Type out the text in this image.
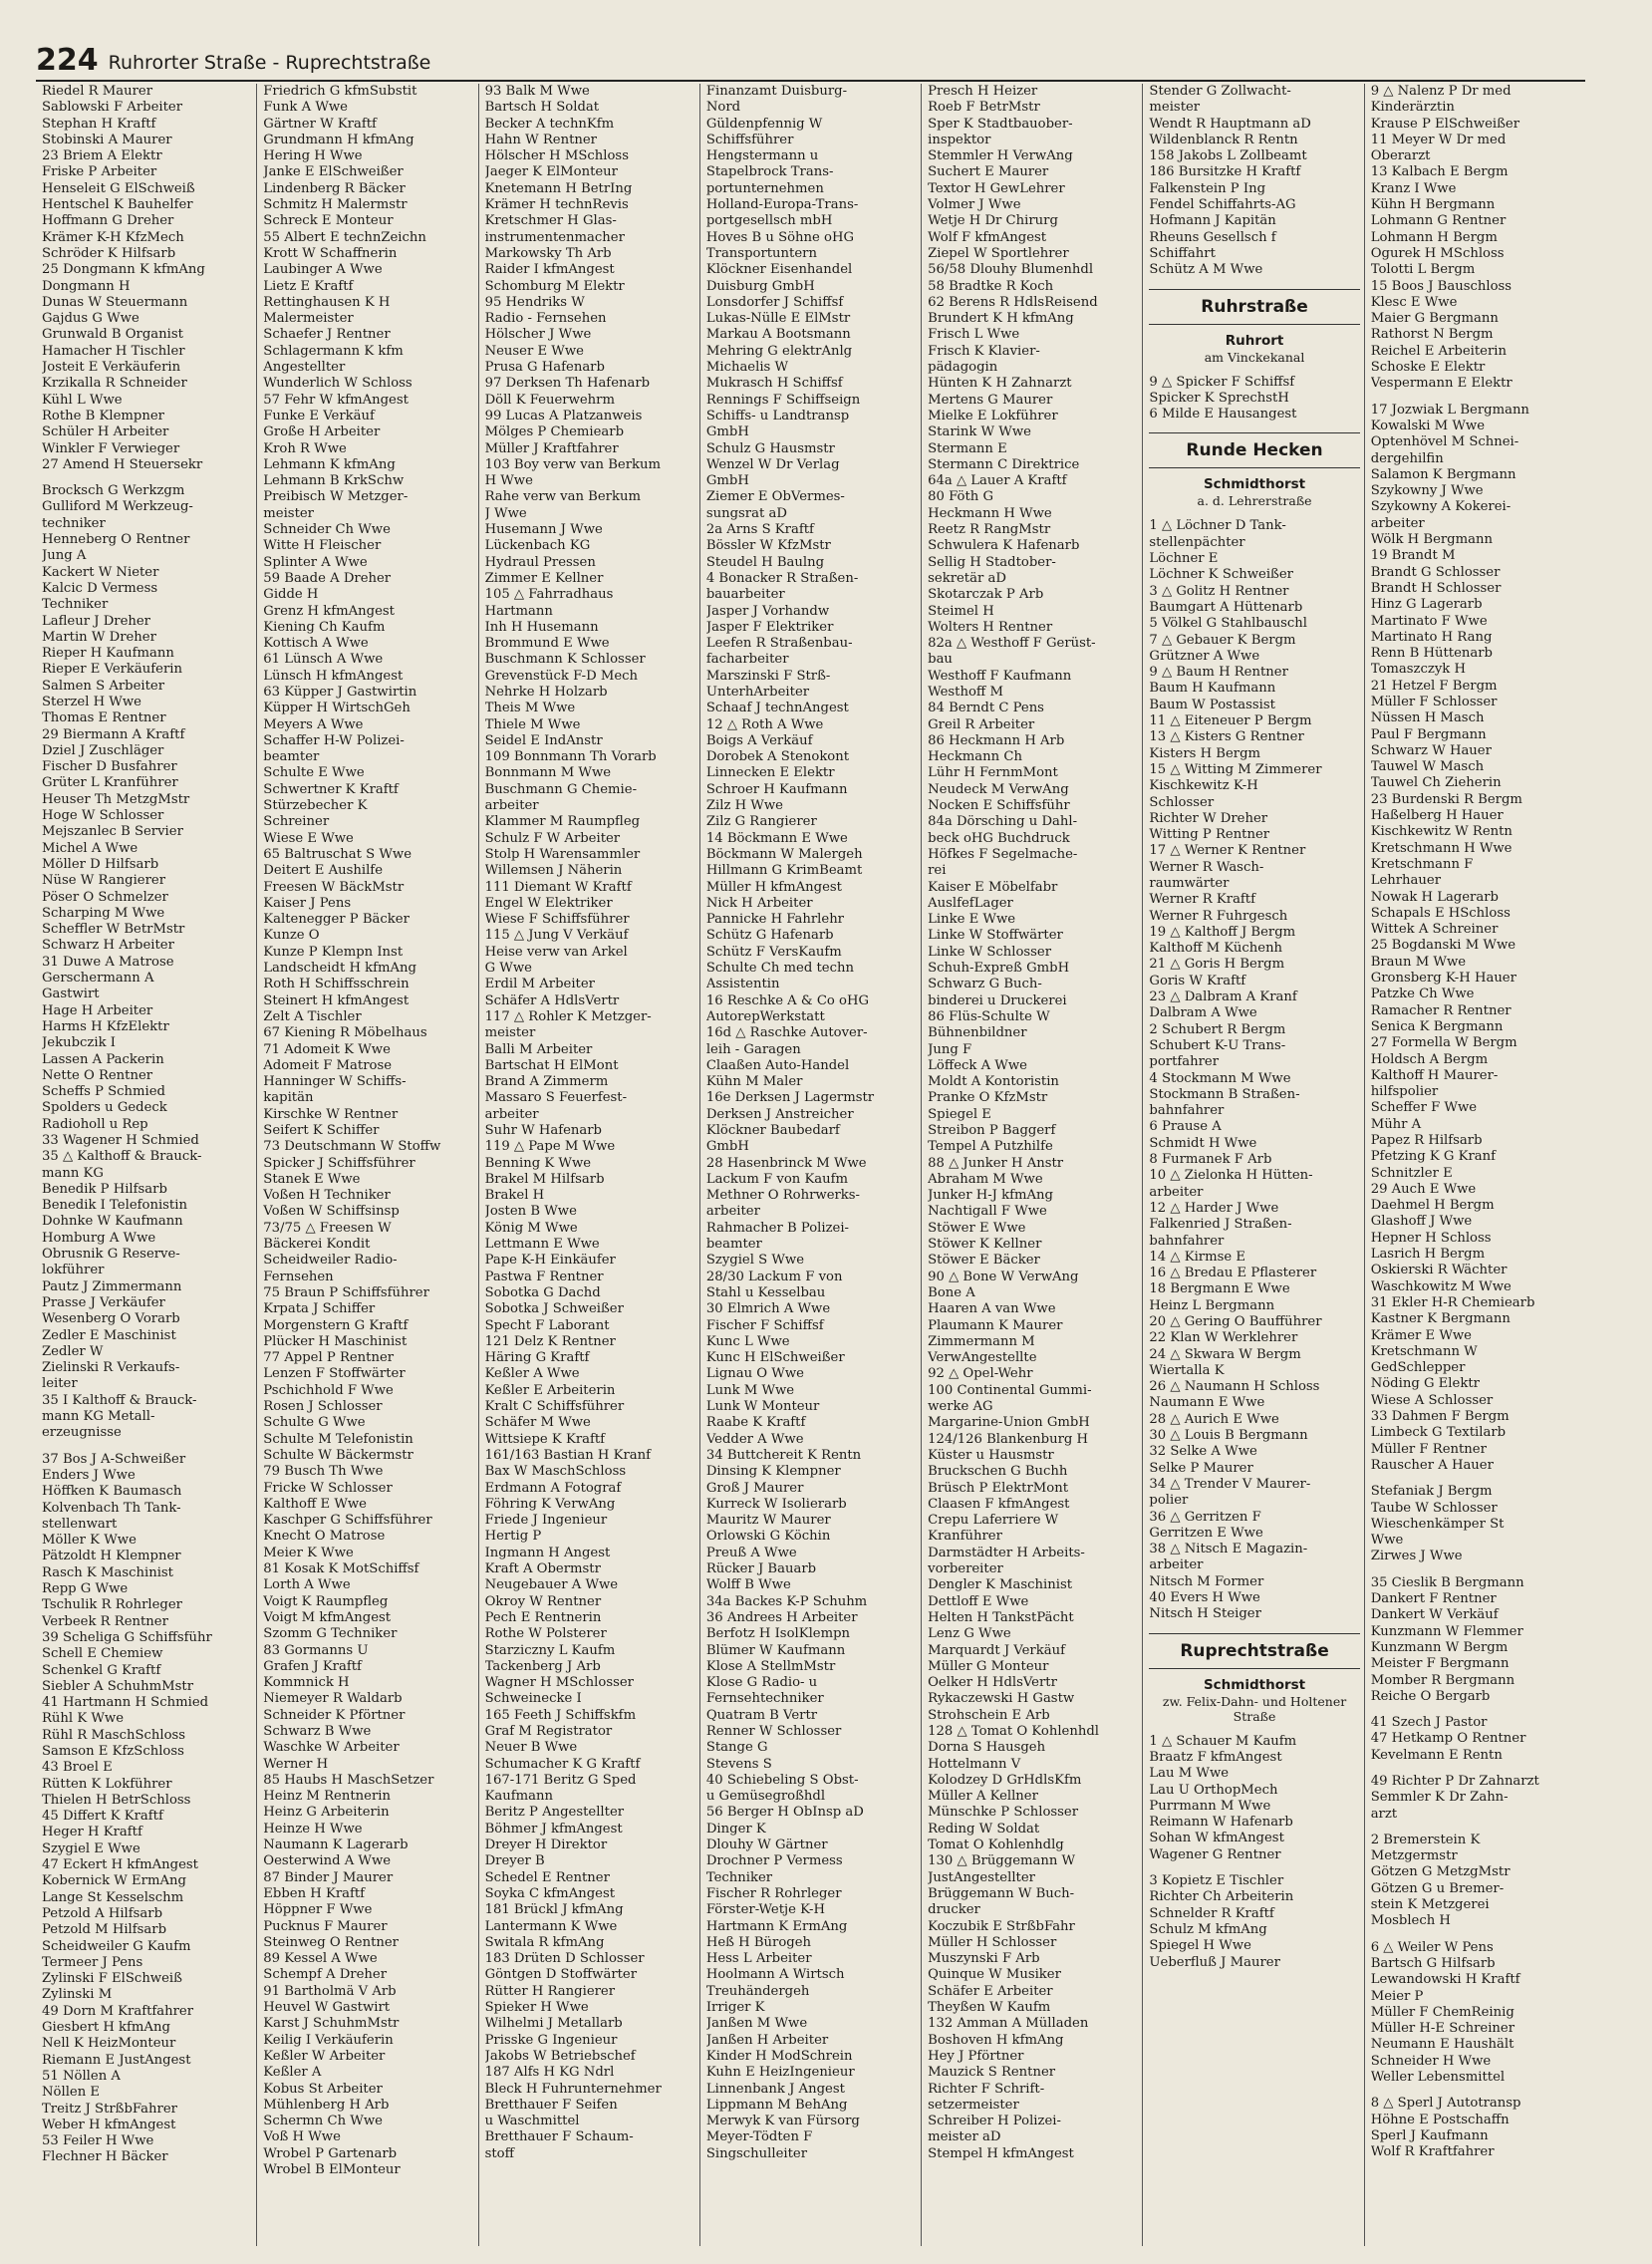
224 Ruhrorter Straße - Ruprechtstraße
Riedel R Maurer
Sablowski F Arbeiter
Stephan H Kraftf
Stobinski A Maurer
23 Briem A Elektr
Friske P Arbeiter
Henseleit G ElSchweiß
Hentschel K Bauhelfer
Hoffmann G Dreher
Krämer K-H KfzMech
Schröder K Hilfsarb
25 Dongmann K kfmAng
Dongmann H
Dunas W Steuermann
Gajdus G Wwe
Grunwald B Organist
Hamacher H Tischler
Josteit E Verkäuferin
Krzikalla R Schneider
Kühl L Wwe
Rothe B Klempner
Schüler H Arbeiter
Winkler F Verwieger
27 Amend H Steuersekr
Brocksch G Werkzgm
Gulliford M Werkzeug-
techniker
Henneberg O Rentner
Jung A
Kackert W Nieter
Kalcic D Vermess
Techniker
Lafleur J Dreher
Martin W Dreher
Rieper H Kaufmann
Rieper E Verkäuferin
Salmen S Arbeiter
Sterzel H Wwe
Thomas E Rentner
29 Biermann A Kraftf
Dziel J Zuschläger
Fischer D Busfahrer
Grüter L Kranführer
Heuser Th MetzgMstr
Hoge W Schlosser
Mejszanlec B Servier
Michel A Wwe
Möller D Hilfsarb
Nüse W Rangierer
Pöser O Schmelzer
Scharping M Wwe
Scheffler W BetrMstr
Schwarz H Arbeiter
31 Duwe A Matrose
Gerschermann A
Gastwirt
Hage H Arbeiter
Harms H KfzElektr
Jekubczik I
Lassen A Packerin
Nette O Rentner
Scheffs P Schmied
Spolders u Gedeck
Radioholl u Rep
33 Wagener H Schmied
35 △ Kalthoff & Brauck-
mann KG
Benedik P Hilfsarb
Benedik I Telefonistin
Dohnke W Kaufmann
Homburg A Wwe
Obrusnik G Reserve-
lokführer
Pautz J Zimmermann
Prasse J Verkäufer
Wesenberg O Vorarb
Zedler E Maschinist
Zedler W
Zielinski R Verkaufs-
leiter
35 I Kalthoff & Brauck-
mann KG Metall-
erzeugnisse
37 Bos J A-Schweißer
Enders J Wwe
Höffken K Baumasch
Kolvenbach Th Tank-
stellenwart
Möller K Wwe
Pätzoldt H Klempner
Rasch K Maschinist
Repp G Wwe
Tschulik R Rohrleger
Verbeek R Rentner
39 Scheliga G Schiffsführ
Schell E Chemiew
Schenkel G Kraftf
Siebler A SchuhmMstr
41 Hartmann H Schmied
Rühl K Wwe
Rühl R MaschSchloss
Samson E KfzSchloss
43 Broel E
Rütten K Lokführer
Thielen H BetrSchloss
45 Differt K Kraftf
Heger H Kraftf
Szygiel E Wwe
47 Eckert H kfmAngest
Kobernick W ErmAng
Lange St Kesselschm
Petzold A Hilfsarb
Petzold M Hilfsarb
Scheidweiler G Kaufm
Termeer J Pens
Zylinski F ElSchweiß
Zylinski M
49 Dorn M Kraftfahrer
Giesbert H kfmAng
Nell K HeizMonteur
Riemann E JustAngest
51 Nöllen A
Nöllen E
Treitz J StrßbFahrer
Weber H kfmAngest
53 Feiler H Wwe
Flechner H Bäcker
Friedrich G kfmSubstit
Funk A Wwe
Gärtner W Kraftf
Grundmann H kfmAng
Hering H Wwe
Janke E ElSchweißer
Lindenberg R Bäcker
Schmitz H Malermstr
Schreck E Monteur
55 Albert E technZeichn
Krott W Schaffnerin
Laubinger A Wwe
Lietz E Kraftf
Rettinghausen K H
Malermeister
Schaefer J Rentner
Schlagermann K kfm
Angestellter
Wunderlich W Schloss
57 Fehr W kfmAngest
Funke E Verkäuf
Große H Arbeiter
Kroh R Wwe
Lehmann K kfmAng
Lehmann B KrkSchw
Preibisch W Metzger-
meister
Schneider Ch Wwe
Witte H Fleischer
Splinter A Wwe
59 Baade A Dreher
Gidde H
Grenz H kfmAngest
Kiening Ch Kaufm
Kottisch A Wwe
61 Lünsch A Wwe
Lünsch H kfmAngest
63 Küpper J Gastwirtin
Küpper H WirtschGeh
Meyers A Wwe
Schaffer H-W Polizei-
beamter
Schulte E Wwe
Schwertner K Kraftf
Stürzebecher K
Schreiner
Wiese E Wwe
65 Baltruschat S Wwe
Deitert E Aushilfe
Freesen W BäckMstr
Kaiser J Pens
Kaltenegger P Bäcker
Kunze O
Kunze P Klempn Inst
Landscheidt H kfmAng
Roth H Schiffsschrein
Steinert H kfmAngest
Zelt A Tischler
67 Kiening R Möbelhaus
71 Adomeit K Wwe
Adomeit F Matrose
Hanninger W Schiffs-
kapitän
Kirschke W Rentner
Seifert K Schiffer
73 Deutschmann W Stoffw
Spicker J Schiffsführer
Stanek E Wwe
Voßen H Techniker
Voßen W Schiffsinsp
73/75 △ Freesen W
Bäckerei Kondit
Scheidweiler Radio-
Fernsehen
75 Braun P Schiffsführer
Krpata J Schiffer
Morgenstern G Kraftf
Plücker H Maschinist
77 Appel P Rentner
Lenzen F Stoffwärter
Pschichhold F Wwe
Rosen J Schlosser
Schulte G Wwe
Schulte M Telefonistin
Schulte W Bäckermstr
79 Busch Th Wwe
Fricke W Schlosser
Kalthoff E Wwe
Kaschper G Schiffsführer
Knecht O Matrose
Meier K Wwe
81 Kosak K MotSchiffsf
Lorth A Wwe
Voigt K Raumpfleg
Voigt M kfmAngest
Szomm G Techniker
83 Gormanns U
Grafen J Kraftf
Kommnick H
Niemeyer R Waldarb
Schneider K Pförtner
Schwarz B Wwe
Waschke W Arbeiter
Werner H
85 Haubs H MaschSetzer
Heinz M Rentnerin
Heinz G Arbeiterin
Heinze H Wwe
Naumann K Lagerarb
Oesterwind A Wwe
87 Binder J Maurer
Ebben H Kraftf
Höppner F Wwe
Pucknus F Maurer
Steinweg O Rentner
89 Kessel A Wwe
Schempf A Dreher
91 Bartholmä V Arb
Heuvel W Gastwirt
Karst J SchuhmMstr
Keilig I Verkäuferin
Keßler W Arbeiter
Keßler A
Kobus St Arbeiter
Mühlenberg H Arb
Schermn Ch Wwe
Voß H Wwe
Wrobel P Gartenarb
Wrobel B ElMonteur
93 Balk M Wwe
Bartsch H Soldat
Becker A technKfm
Hahn W Rentner
Hölscher H MSchloss
Jaeger K ElMonteur
Knetemann H BetrIng
Krämer H technRevis
Kretschmer H Glas-
instrumentenmacher
Markowsky Th Arb
Raider I kfmAngest
Schomburg M Elektr
95 Hendriks W
Radio - Fernsehen
Hölscher J Wwe
Neuser E Wwe
Prusa G Hafenarb
97 Derksen Th Hafenarb
Döll K Feuerwehrm
99 Lucas A Platzanweis
Mölges P Chemiearb
Müller J Kraftfahrer
103 Boy verw van Berkum
H Wwe
Rahe verw van Berkum
J Wwe
Husemann J Wwe
Lückenbach KG
Hydraul Pressen
Zimmer E Kellner
105 △ Fahrradhaus
Hartmann
Inh H Husemann
Brommund E Wwe
Buschmann K Schlosser
Grevenstück F-D Mech
Nehrke H Holzarb
Theis M Wwe
Thiele M Wwe
Seidel E IndAnstr
109 Bonnmann Th Vorarb
Bonnmann M Wwe
Buschmann G Chemie-
arbeiter
Klammer M Raumpfleg
Schulz F W Arbeiter
Stolp H Warensammler
Willemsen J Näherin
111 Diemant W Kraftf
Engel W Elektriker
Wiese F Schiffsführer
115 △ Jung V Verkäuf
Heise verw van Arkel
G Wwe
Erdil M Arbeiter
Schäfer A HdlsVertr
117 △ Rohler K Metzger-
meister
Balli M Arbeiter
Bartschat H ElMont
Brand A Zimmerm
Massaro S Feuerfest-
arbeiter
Suhr W Hafenarb
119 △ Pape M Wwe
Benning K Wwe
Brakel M Hilfsarb
Brakel H
Josten B Wwe
König M Wwe
Lettmann E Wwe
Pape K-H Einkäufer
Pastwa F Rentner
Sobotka G Dachd
Sobotka J Schweißer
Specht F Laborant
121 Delz K Rentner
Häring G Kraftf
Keßler A Wwe
Keßler E Arbeiterin
Kralt C Schiffsführer
Schäfer M Wwe
Wittsiepe K Kraftf
161/163 Bastian H Kranf
Bax W MaschSchloss
Erdmann A Fotograf
Föhring K VerwAng
Friede J Ingenieur
Hertig P
Ingmann H Angest
Kraft A Obermstr
Neugebauer A Wwe
Okroy W Rentner
Pech E Rentnerin
Rothe W Polsterer
Starziczny L Kaufm
Tackenberg J Arb
Wagner H MSchlosser
Schweinecke I
165 Feeth J Schiffskfm
Graf M Registrator
Neuer B Wwe
Schumacher K G Kraftf
167-171 Beritz G Sped
Kaufmann
Beritz P Angestellter
Böhmer J kfmAngest
Dreyer H Direktor
Dreyer B
Schedel E Rentner
Soyka C kfmAngest
181 Brückl J kfmAng
Lantermann K Wwe
Switala R kfmAng
183 Drüten D Schlosser
Göntgen D Stoffwärter
Rütter H Rangierer
Spieker H Wwe
Wilhelmi J Metallarb
Prisske G Ingenieur
Jakobs W Betriebschef
187 Alfs H KG Ndrl
Bleck H Fuhrunternehmer
Bretthauer F Seifen
u Waschmittel
Bretthauer F Schaum-
stoff
Finanzamt Duisburg-
Nord
Güldenpfennig W
Schiffsführer
Hengstermann u
Stapelbrock Trans-
portunternehmen
Holland-Europa-Trans-
portgesellsch mbH
Hoves B u Söhne oHG
Transportuntern
Klöckner Eisenhandel
Duisburg GmbH
Lonsdorfer J Schiffsf
Lukas-Nülle E ElMstr
Markau A Bootsmann
Mehring G elektrAnlg
Michaelis W
Mukrasch H Schiffsf
Rennings F Schiffseign
Schiffs- u Landtransp
GmbH
Schulz G Hausmstr
Wenzel W Dr Verlag
GmbH
Ziemer E ObVermes-
sungsrat aD
2a Arns S Kraftf
Bössler W KfzMstr
Steudel H Baulng
4 Bonacker R Straßen-
bauarbeiter
Jasper J Vorhandw
Jasper F Elektriker
Leefen R Straßenbau-
facharbeiter
Marszinski F Strß-
UnterhArbeiter
Schaaf J technAngest
12 △ Roth A Wwe
Boigs A Verkäuf
Dorobek A Stenokont
Linnecken E Elektr
Schroer H Kaufmann
Zilz H Wwe
Zilz G Rangierer
14 Böckmann E Wwe
Böckmann W Malergeh
Hillmann G KrimBeamt
Müller H kfmAngest
Nick H Arbeiter
Pannicke H Fahrlehr
Schütz G Hafenarb
Schütz F VersKaufm
Schulte Ch med techn
Assistentin
16 Reschke A & Co oHG
AutorepWerkstatt
16d △ Raschke Autover-
leih - Garagen
Claaßen Auto-Handel
Kühn M Maler
16e Derksen J Lagermstr
Derksen J Anstreicher
Klöckner Baubedarf
GmbH
28 Hasenbrinck M Wwe
Lackum F von Kaufm
Methner O Rohrwerks-
arbeiter
Rahmacher B Polizei-
beamter
Szygiel S Wwe
28/30 Lackum F von
Stahl u Kesselbau
30 Elmrich A Wwe
Fischer F Schiffsf
Kunc L Wwe
Kunc H ElSchweißer
Lignau O Wwe
Lunk M Wwe
Lunk W Monteur
Raabe K Kraftf
Vedder A Wwe
34 Buttchereit K Rentn
Dinsing K Klempner
Groß J Maurer
Kurreck W Isolierarb
Mauritz W Maurer
Orlowski G Köchin
Preuß A Wwe
Rücker J Bauarb
Wolff B Wwe
34a Backes K-P Schuhm
36 Andrees H Arbeiter
Berfotz H IsolKlempn
Blümer W Kaufmann
Klose A StellmMstr
Klose G Radio- u
Fernsehtechniker
Quatram B Vertr
Renner W Schlosser
Stange G
Stevens S
40 Schiebeling S Obst-
u Gemüsegroßhdl
56 Berger H ObInsp aD
Dinger K
Dlouhy W Gärtner
Drochner P Vermess
Techniker
Fischer R Rohrleger
Förster-Wetje K-H
Hartmann K ErmAng
Heß H Bürogeh
Hess L Arbeiter
Hoolmann A Wirtsch
Treuhändergeh
Irriger K
Janßen M Wwe
Janßen H Arbeiter
Kinder H ModSchrein
Kuhn E HeizIngenieur
Linnenbank J Angest
Lippmann M BehAng
Merwyk K van Fürsorg
Meyer-Tödten F
Singschulleiter
Presch H Heizer
Roeb F BetrMstr
Sper K Stadtbauober-
inspektor
Stemmler H VerwAng
Suchert E Maurer
Textor H GewLehrer
Volmer J Wwe
Wetje H Dr Chirurg
Wolf F kfmAngest
Ziepel W Sportlehrer
56/58 Dlouhy Blumenhdl
58 Bradtke R Koch
62 Berens R HdlsReisend
Brundert K H kfmAng
Frisch L Wwe
Frisch K Klavier-
pädagogin
Hünten K H Zahnarzt
Mertens G Maurer
Mielke E Lokführer
Starink W Wwe
Stermann E
Stermann C Direktrice
64a △ Lauer A Kraftf
80 Föth G
Heckmann H Wwe
Reetz R RangMstr
Schwulera K Hafenarb
Sellig H Stadtober-
sekretär aD
Skotarczak P Arb
Steimel H
Wolters H Rentner
82a △ Westhoff F Gerüst-
bau
Westhoff F Kaufmann
Westhoff M
84 Berndt C Pens
Greil R Arbeiter
86 Heckmann H Arb
Heckmann Ch
Lühr H FernmMont
Neudeck M VerwAng
Nocken E Schiffsführ
84a Dörsching u Dahl-
beck oHG Buchdruck
Höfkes F Segelmache-
rei
Kaiser E Möbelfabr
AuslfefLager
Linke E Wwe
Linke W Stoffwärter
Linke W Schlosser
Schuh-Expreß GmbH
Schwarz G Buch-
binderei u Druckerei
86 Flüs-Schulte W
Bühnenbildner
Jung F
Löffeck A Wwe
Moldt A Kontoristin
Pranke O KfzMstr
Spiegel E
Streibon P Baggerf
Tempel A Putzhilfe
88 △ Junker H Anstr
Abraham M Wwe
Junker H-J kfmAng
Nachtigall F Wwe
Stöwer E Wwe
Stöwer K Kellner
Stöwer E Bäcker
90 △ Bone W VerwAng
Bone A
Haaren A van Wwe
Plaumann K Maurer
Zimmermann M
VerwAngestellte
92 △ Opel-Wehr
100 Continental Gummi-
werke AG
Margarine-Union GmbH
124/126 Blankenburg H
Küster u Hausmstr
Bruckschen G Buchh
Brüsch P ElektrMont
Claasen F kfmAngest
Crepu Laferriere W
Kranführer
Darmstädter H Arbeits-
vorbereiter
Dengler K Maschinist
Dettloff E Wwe
Helten H TankstPächt
Lenz G Wwe
Marquardt J Verkäuf
Müller G Monteur
Oelker H HdlsVertr
Rykaczewski H Gastw
Strohschein E Arb
128 △ Tomat O Kohlenhdl
Dorna S Hausgeh
Hottelmann V
Kolodzey D GrHdlsKfm
Müller A Kellner
Münschke P Schlosser
Reding W Soldat
Tomat O Kohlenhdlg
130 △ Brüggemann W
JustAngestellter
Brüggemann W Buch-
drucker
Koczubik E StrßbFahr
Müller H Schlosser
Muszynski F Arb
Quinque W Musiker
Schäfer E Arbeiter
Theyßen W Kaufm
132 Amman A Mülladen
Boshoven H kfmAng
Hey J Pförtner
Mauzick S Rentner
Richter F Schrift-
setzermeister
Schreiber H Polizei-
meister aD
Stempel H kfmAngest
Stender G Zollwacht-
meister
Wendt R Hauptmann aD
Wildenblanck R Rentn
158 Jakobs L Zollbeamt
186 Bursitzke H Kraftf
Falkenstein P Ing
Fendel Schiffahrts-AG
Hofmann J Kapitän
Rheuns Gesellsch f
Schiffahrt
Schütz A M Wwe
Ruhrstraße
Ruhrort
am Vinckekanal
9 △ Spicker F Schiffsf
Spicker K SprechstH
6 Milde E Hausangest
Runde Hecken
Schmidthorst
a. d. Lehrerstraße
1 △ Löchner D Tank-
stellenpächter
Löchner E
Löchner K Schweißer
3 △ Golitz H Rentner
Baumgart A Hüttenarb
5 Völkel G Stahlbauschl
7 △ Gebauer K Bergm
Grützner A Wwe
9 △ Baum H Rentner
Baum H Kaufmann
Baum W Postassist
11 △ Eiteneuer P Bergm
13 △ Kisters G Rentner
Kisters H Bergm
15 △ Witting M Zimmerer
Kischkewitz K-H
Schlosser
Richter W Dreher
Witting P Rentner
17 △ Werner K Rentner
Werner R Wasch-
raumwärter
Werner R Kraftf
Werner R Fuhrgesch
19 △ Kalthoff J Bergm
Kalthoff M Küchenh
21 △ Goris H Bergm
Goris W Kraftf
23 △ Dalbram A Kranf
Dalbram A Wwe
2 Schubert R Bergm
Schubert K-U Trans-
portfahrer
4 Stockmann M Wwe
Stockmann B Straßen-
bahnfahrer
6 Prause A
Schmidt H Wwe
8 Furmanek F Arb
10 △ Zielonka H Hütten-
arbeiter
12 △ Harder J Wwe
Falkenried J Straßen-
bahnfahrer
14 △ Kirmse E
16 △ Bredau E Pflasterer
18 Bergmann E Wwe
Heinz L Bergmann
20 △ Gering O Baufführer
22 Klan W Werklehrer
24 △ Skwara W Bergm
Wiertalla K
26 △ Naumann H Schloss
Naumann E Wwe
28 △ Aurich E Wwe
30 △ Louis B Bergmann
32 Selke A Wwe
Selke P Maurer
34 △ Trender V Maurer-
polier
36 △ Gerritzen F
Gerritzen E Wwe
38 △ Nitsch E Magazin-
arbeiter
Nitsch M Former
40 Evers H Wwe
Nitsch H Steiger
Ruprechtstraße
Schmidthorst
zw. Felix-Dahn- und Holtener Straße
1 △ Schauer M Kaufm
Braatz F kfmAngest
Lau M Wwe
Lau U OrthopMech
Purrmann M Wwe
Reimann W Hafenarb
Sohan W kfmAngest
Wagener G Rentner
3 Kopietz E Tischler
Richter Ch Arbeiterin
Schnelder R Kraftf
Schulz M kfmAng
Spiegel H Wwe
Ueberfluß J Maurer
9 △ Nalenz P Dr med
Kinderärztin
Krause P ElSchweißer
11 Meyer W Dr med
Oberarzt
13 Kalbach E Bergm
Kranz I Wwe
Kühn H Bergmann
Lohmann G Rentner
Lohmann H Bergm
Ogurek H MSchloss
Tolotti L Bergm
15 Boos J Bauschloss
Klesc E Wwe
Maier G Bergmann
Rathorst N Bergm
Reichel E Arbeiterin
Schoske E Elektr
Vespermann E Elektr
17 Jozwiak L Bergmann
Kowalski M Wwe
Optenhövel M Schnei-
dergehilfin
Salamon K Bergmann
Szykowny J Wwe
Szykowny A Kokerei-
arbeiter
Wölk H Bergmann
19 Brandt M
Brandt G Schlosser
Brandt H Schlosser
Hinz G Lagerarb
Martinato F Wwe
Martinato H Rang
Renn B Hüttenarb
Tomaszczyk H
21 Hetzel F Bergm
Müller F Schlosser
Nüssen H Masch
Paul F Bergmann
Schwarz W Hauer
Tauwel W Masch
Tauwel Ch Zieherin
23 Burdenski R Bergm
Haßelberg H Hauer
Kischkewitz W Rentn
Kretschmann H Wwe
Kretschmann F
Lehrhauer
Nowak H Lagerarb
Schapals E HSchloss
Wittek A Schreiner
25 Bogdanski M Wwe
Braun M Wwe
Gronsberg K-H Hauer
Patzke Ch Wwe
Ramacher R Rentner
Senica K Bergmann
27 Formella W Bergm
Holdsch A Bergm
Kalthoff H Maurer-
hilfspolier
Scheffer F Wwe
Mühr A
Papez R Hilfsarb
Pfetzing K G Kranf
Schnitzler E
29 Auch E Wwe
Daehmel H Bergm
Glashoff J Wwe
Hepner H Schloss
Lasrich H Bergm
Oskierski R Wächter
Waschkowitz M Wwe
31 Ekler H-R Chemiearb
Kastner K Bergmann
Krämer E Wwe
Kretschmann W
GedSchlepper
Nöding G Elektr
Wiese A Schlosser
33 Dahmen F Bergm
Limbeck G Textilarb
Müller F Rentner
Rauscher A Hauer
Stefaniak J Bergm
Taube W Schlosser
Wieschenkämper St
Wwe
Zirwes J Wwe
35 Cieslik B Bergmann
Dankert F Rentner
Dankert W Verkäuf
Kunzmann W Flemmer
Kunzmann W Bergm
Meister F Bergmann
Momber R Bergmann
Reiche O Bergarb
41 Szech J Pastor
47 Hetkamp O Rentner
Kevelmann E Rentn
49 Richter P Dr Zahnarzt
Semmler K Dr Zahn-
arzt
2 Bremerstein K
Metzgermstr
Götzen G MetzgMstr
Götzen G u Bremer-
stein K Metzgerei
Mosblech H
6 △ Weiler W Pens
Bartsch G Hilfsarb
Lewandowski H Kraftf
Meier P
Müller F ChemReinig
Müller H-E Schreiner
Neumann E Haushält
Schneider H Wwe
Weller Lebensmittel
8 △ Sperl J Autotransp
Höhne E Postschaffn
Sperl J Kaufmann
Wolf R Kraftfahrer
